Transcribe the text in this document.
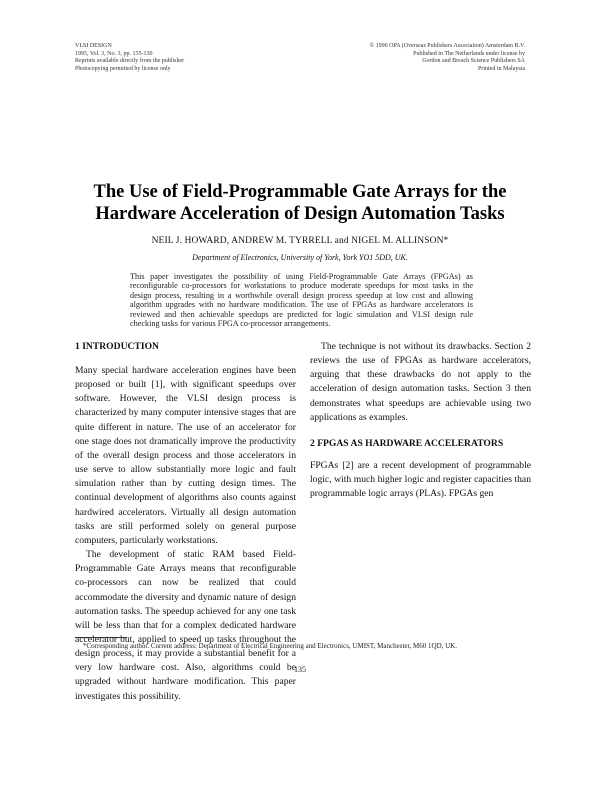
VLSI DESIGN
1995, Vol. 3, No. 3, pp. 135-130
Reprints available directly from the publisher
Photocopying permitted by license only
© 1996 OPA (Overseas Publishers Association) Amsterdam B.V.
Published in The Netherlands under license by
Gordon and Breach Science Publishers SA
Printed in Malaysia
The Use of Field-Programmable Gate Arrays for the Hardware Acceleration of Design Automation Tasks
NEIL J. HOWARD, ANDREW M. TYRRELL and NIGEL M. ALLINSON*
Department of Electronics, University of York, York YO1 5DD, UK.

This paper investigates the possibility of using Field-Programmable Gate Arrays (FPGAs) as reconfigurable co-processors for workstations to produce moderate speedups for most tasks in the design process, resulting in a worthwhile overall design process speedup at low cost and allowing algorithm upgrades with no hardware modification. The use of FPGAs as hardware accelerators is reviewed and then achievable speedups are predicted for logic simulation and VLSI design rule checking tasks for various FPGA co-processor arrangements.

1 INTRODUCTION

Many special hardware acceleration engines have been proposed or built [1], with significant speedups over software. However, the VLSI design process is characterized by many computer intensive stages that are quite different in nature. The use of an accelerator for one stage does not dramatically improve the productivity of the overall design process and those accelerators in use serve to allow substantially more logic and fault simulation rather than by cutting design times. The continual development of algorithms also counts against hardwired accelerators. Virtually all design automation tasks are still performed solely on general purpose computers, particularly workstations.

The development of static RAM based Field-Programmable Gate Arrays means that reconfigurable co-processors can now be realized that could accommodate the diversity and dynamic nature of design automation tasks. The speedup achieved for any one task will be less than that for a complex dedicated hardware accelerator but, applied to speed up tasks throughout the design process, it may provide a substantial benefit for a very low hardware cost. Also, algorithms could be upgraded without hardware modification. This paper investigates this possibility.

The technique is not without its drawbacks. Section 2 reviews the use of FPGAs as hardware accelerators, arguing that these drawbacks do not apply to the acceleration of design automation tasks. Section 3 then demonstrates what speedups are achievable using two applications as examples.

2 FPGAS AS HARDWARE ACCELERATORS

FPGAs [2] are a recent development of programmable logic, with much higher logic and register capacities than programmable logic arrays (PLAs). FPGAs gen

*Corresponding author. Current address: Department of Electrical Engineering and Electronics, UMIST, Manchester, M60 1QD, UK.
135
